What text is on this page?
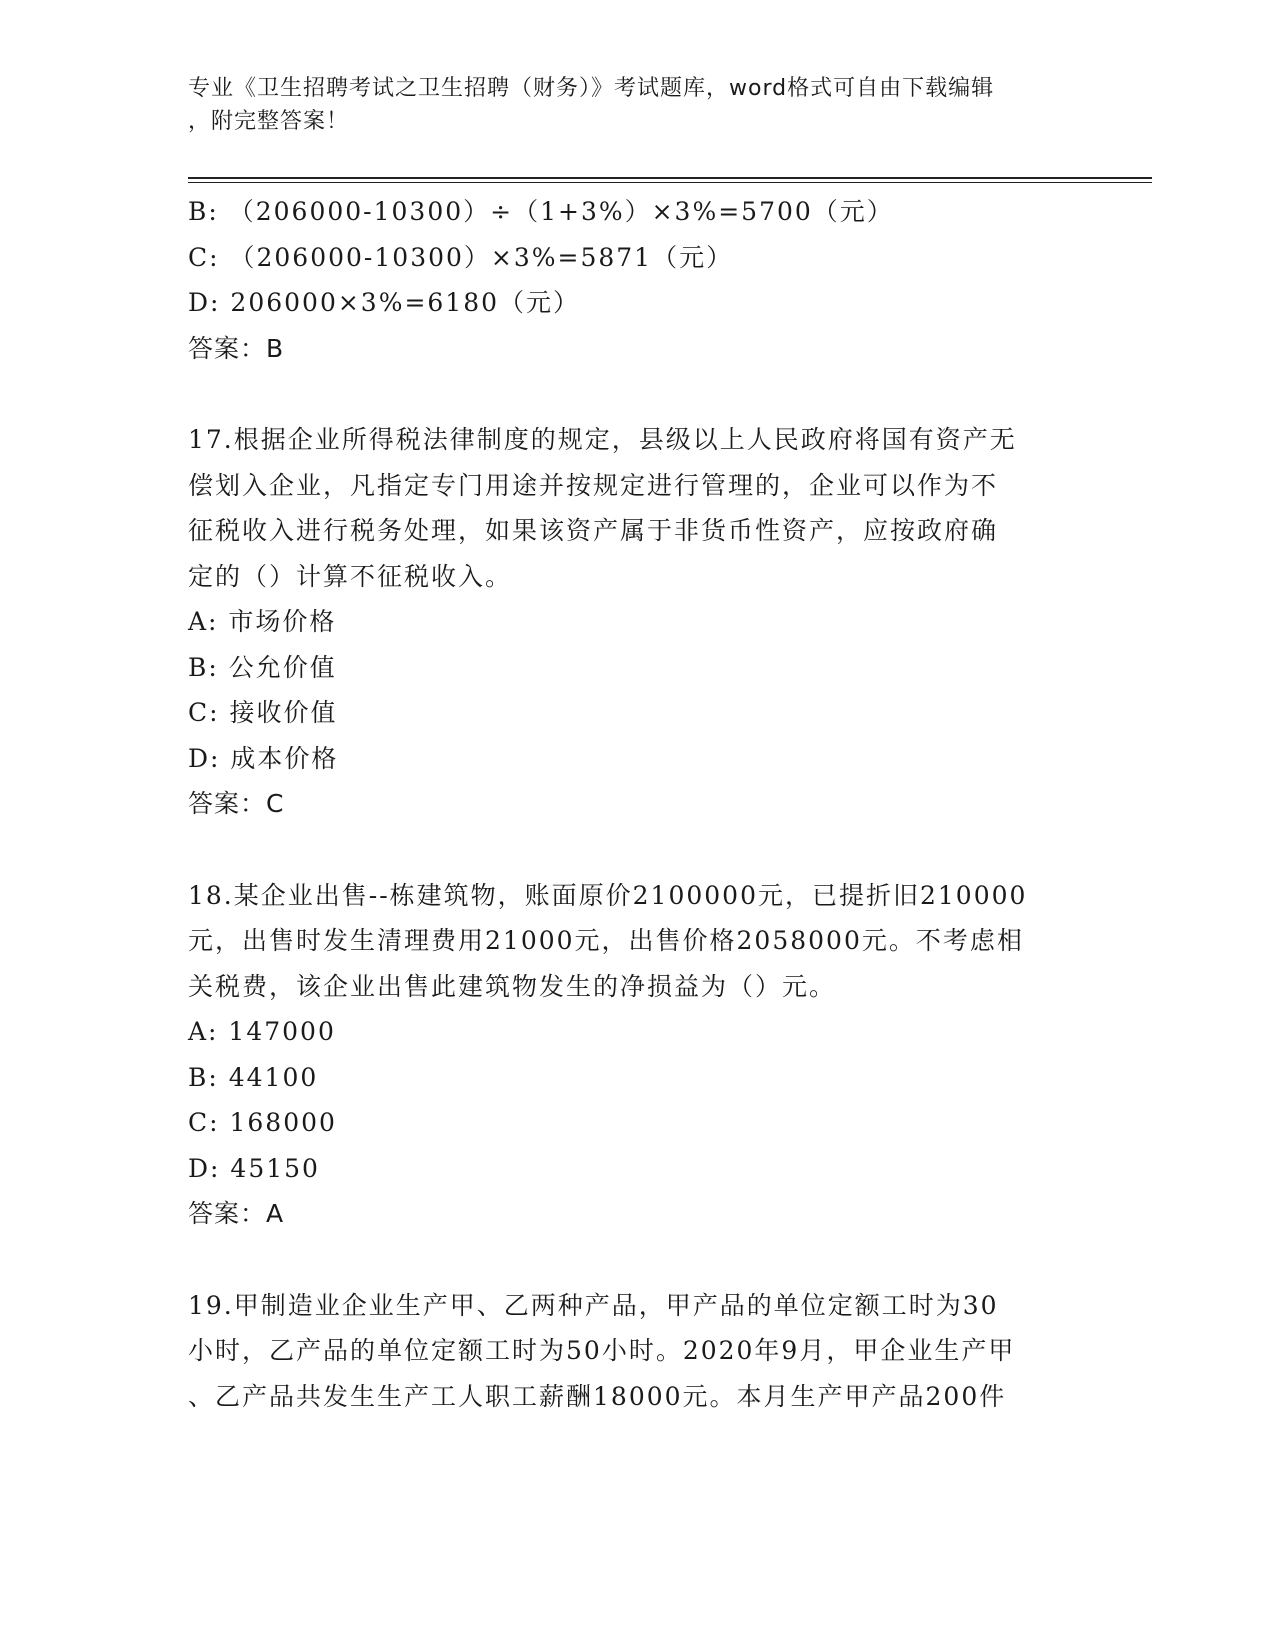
专业《卫生招聘考试之卫生招聘（财务）》考试题库，word格式可自由下载编辑

，附完整答案！

B: （206000-10300）÷（1+3%）×3%=5700（元）

C: （206000-10300）×3%=5871（元）

D: 206000×3%=6180（元）

答案：B

17.根据企业所得税法律制度的规定，县级以上人民政府将国有资产无

偿划入企业，凡指定专门用途并按规定进行管理的，企业可以作为不

征税收入进行税务处理，如果该资产属于非货币性资产，应按政府确

定的（）计算不征税收入。

A: 市场价格

B: 公允价值

C: 接收价值

D: 成本价格

答案：C

18.某企业出售--栋建筑物，账面原价2100000元，已提折旧210000

元，出售时发生清理费用21000元，出售价格2058000元。不考虑相

关税费，该企业出售此建筑物发生的净损益为（）元。

A: 147000

B: 44100

C: 168000

D: 45150

答案：A

19.甲制造业企业生产甲、乙两种产品，甲产品的单位定额工时为30

小时，乙产品的单位定额工时为50小时。2020年9月，甲企业生产甲

、乙产品共发生生产工人职工薪酬18000元。本月生产甲产品200件
